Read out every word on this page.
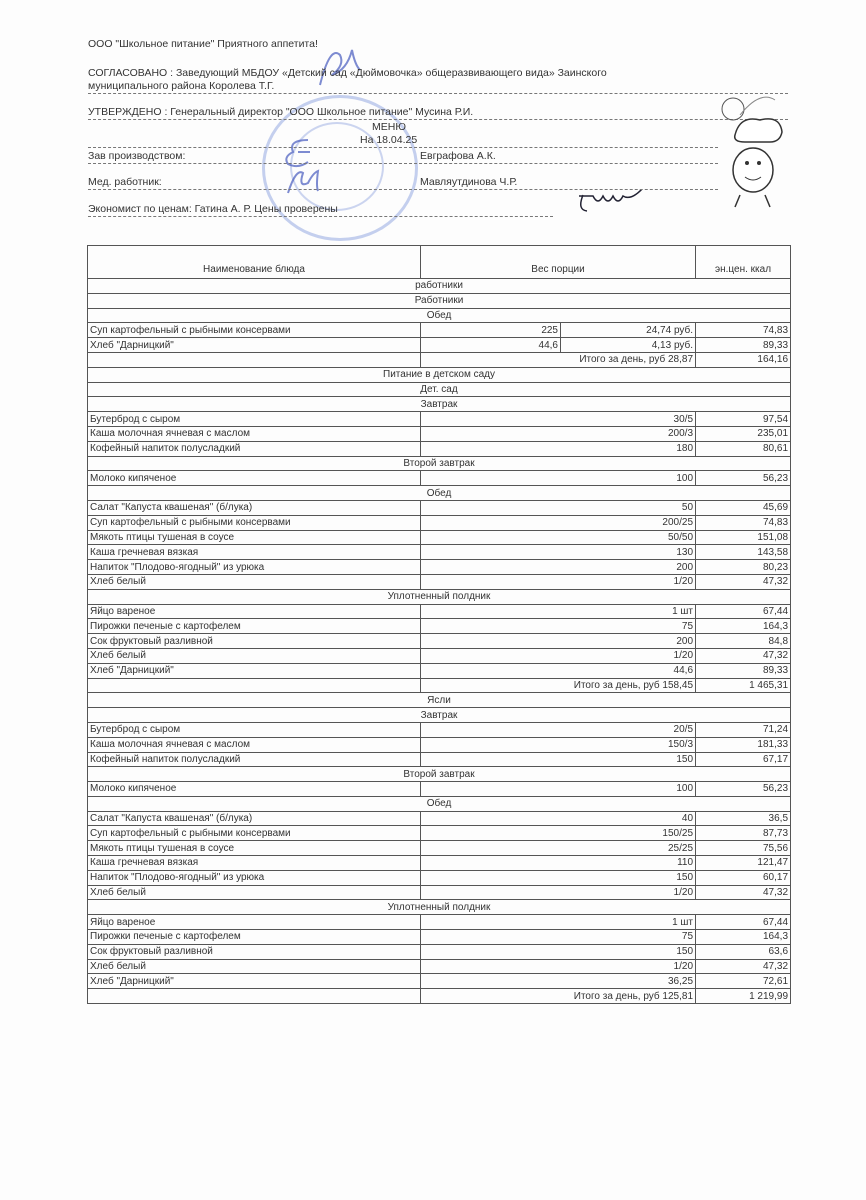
ООО "Школьное питание" Приятного аппетита!
СОГЛАСОВАНО : Заведующий МБДОУ «Детский сад «Дюймовочка» общеразвивающего вида» Заинского
муниципального района Королева Т.Г.
УТВЕРЖДЕНО : Генеральный директор "ООО Школьное питание" Мусина Р.И.
МЕНЮ
На 18.04.25
Зав производством:	Евграфова А.К.
Мед. работник:	Мавляутдинова Ч.Р.
Экономист по ценам: Гатина А. Р. Цены проверены
Наименование блюда	Вес порции		эн.цен. ккал
работники			
Работники			
Обед			
Суп картофельный с рыбными консервами	225	24,74 руб.	74,83
Хлеб "Дарницкий"	44,6	4,13 руб.	89,33
	Итого за день, руб 28,87		164,16
Питание в детском саду			
Дет. сад			
Завтрак			
Бутерброд с сыром	30/5		97,54
Каша молочная ячневая с маслом	200/3		235,01
Кофейный напиток полусладкий	180		80,61
Второй завтрак			
Молоко кипяченое	100		56,23
Обед			
Салат "Капуста квашеная" (б/лука)	50		45,69
Суп картофельный с рыбными консервами	200/25		74,83
Мякоть птицы тушеная в соусе	50/50		151,08
Каша гречневая вязкая	130		143,58
Напиток "Плодово-ягодный" из урюка	200		80,23
Хлеб белый	1/20		47,32
Уплотненный полдник			
Яйцо вареное	1 шт		67,44
Пирожки печеные с картофелем	75		164,3
Сок фруктовый разливной	200		84,8
Хлеб белый	1/20		47,32
Хлеб "Дарницкий"	44,6		89,33
	Итого за день, руб 158,45		1 465,31
Ясли			
Завтрак			
Бутерброд с сыром	20/5		71,24
Каша молочная ячневая с маслом	150/3		181,33
Кофейный напиток полусладкий	150		67,17
Второй завтрак			
Молоко кипяченое	100		56,23
Обед			
Салат "Капуста квашеная" (б/лука)	40		36,5
Суп картофельный с рыбными консервами	150/25		87,73
Мякоть птицы тушеная в соусе	25/25		75,56
Каша гречневая вязкая	110		121,47
Напиток "Плодово-ягодный" из урюка	150		60,17
Хлеб белый	1/20		47,32
Уплотненный полдник			
Яйцо вареное	1 шт		67,44
Пирожки печеные с картофелем	75		164,3
Сок фруктовый разливной	150		63,6
Хлеб белый	1/20		47,32
Хлеб "Дарницкий"	36,25		72,61
	Итого за день, руб 125,81		1 219,99
